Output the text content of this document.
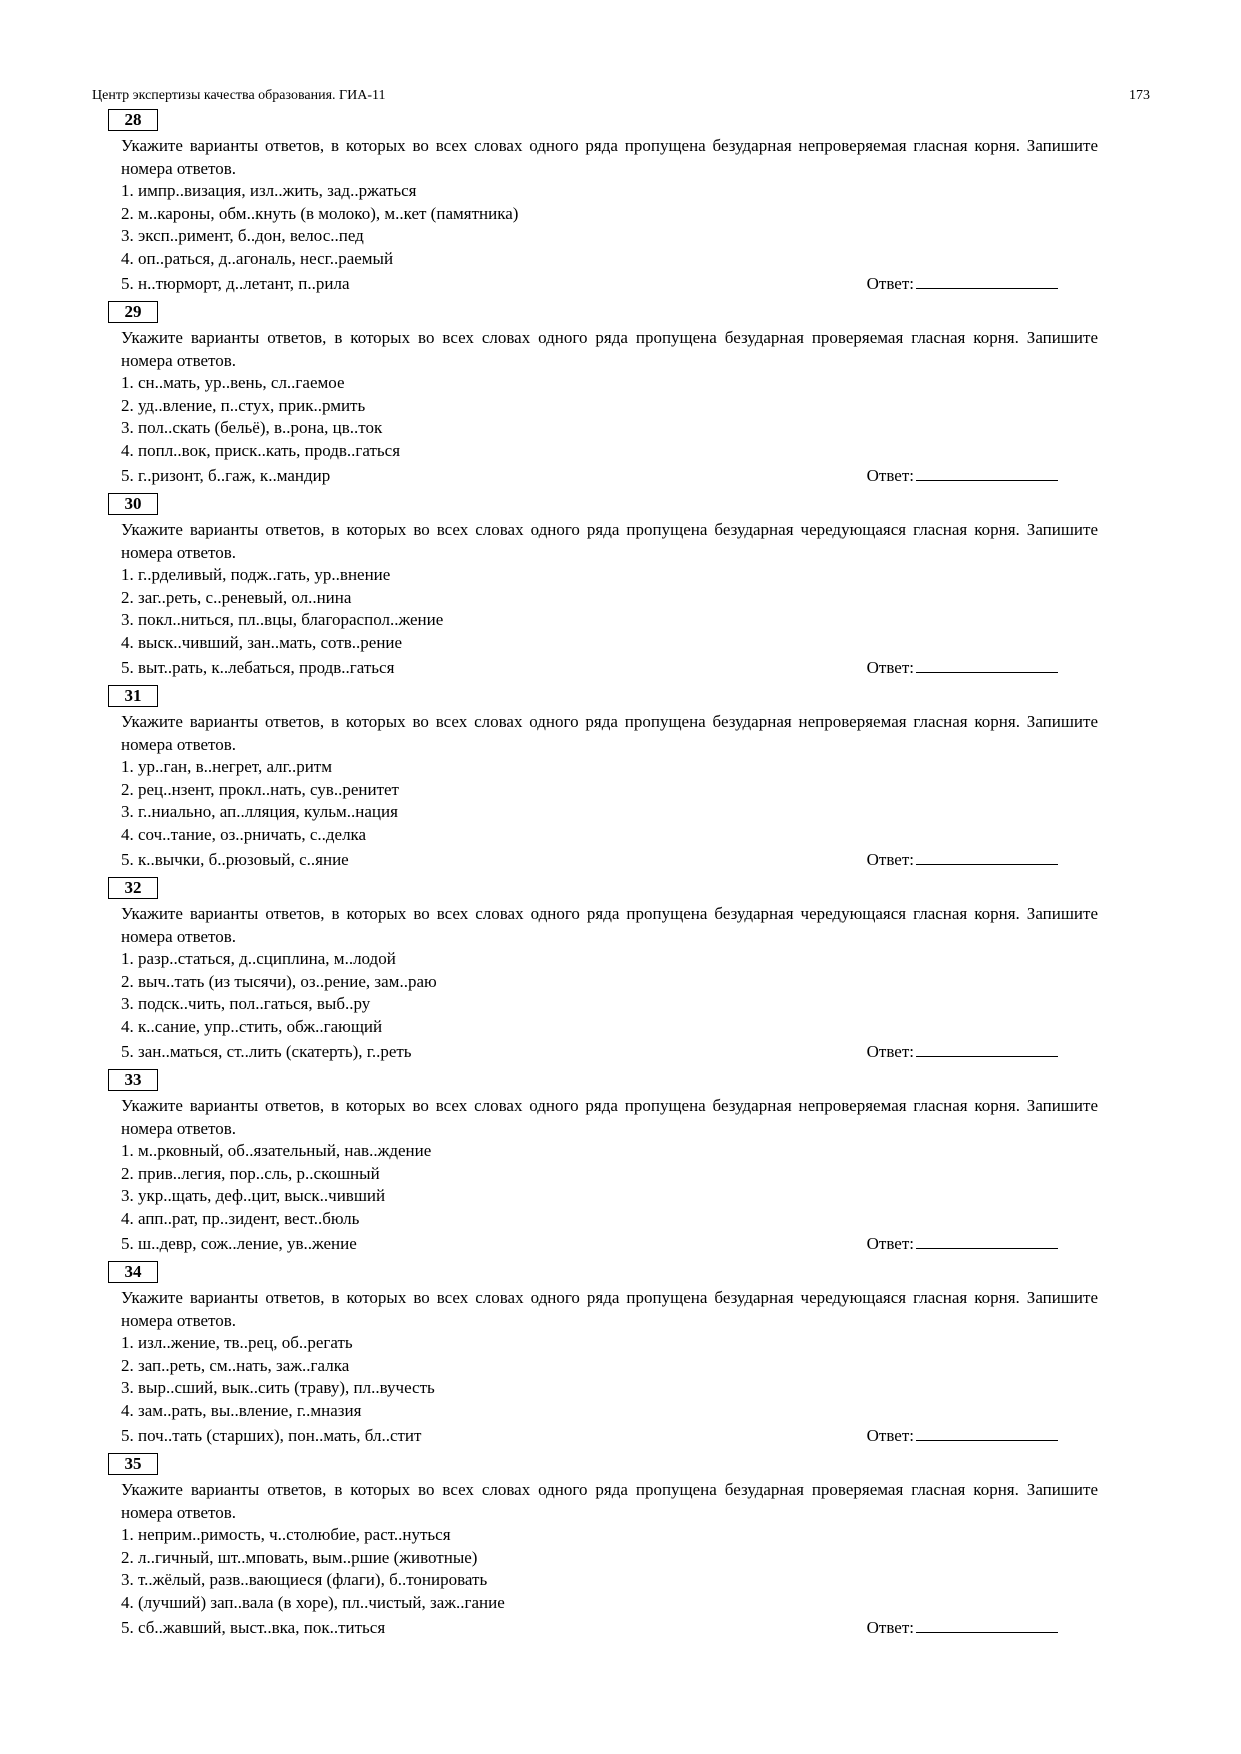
Центр экспертизы качества образования. ГИА-11	173
28

Укажите варианты ответов, в которых во всех словах одного ряда пропущена безударная непроверяемая гласная корня. Запишите номера ответов.

1. импр..визация, изл..жить, зад..ржаться
2. м..кароны, обм..кнуть (в молоко), м..кет (памятника)
3. эксп..римент, б..дон, велос..пед
4. оп..раться, д..агональ, несг..раемый
5. н..тюрморт, д..летант, п..рила	Ответ:
29

Укажите варианты ответов, в которых во всех словах одного ряда пропущена безударная проверяемая гласная корня. Запишите номера ответов.

1. сн..мать, ур..вень, сл..гаемое
2. уд..вление, п..стух, прик..рмить
3. пол..скать (бельё), в..рона, цв..ток
4. попл..вок, приск..кать, продв..гаться
5. г..ризонт, б..гаж, к..мандир	Ответ:
30

Укажите варианты ответов, в которых во всех словах одного ряда пропущена безударная чередующаяся гласная корня. Запишите номера ответов.

1. г..рделивый, подж..гать, ур..внение
2. заг..реть, с..реневый, ол..нина
3. покл..ниться, пл..вцы, благораспол..жение
4. выск..чивший, зан..мать, сотв..рение
5. выт..рать, к..лебаться, продв..гаться	Ответ:
31

Укажите варианты ответов, в которых во всех словах одного ряда пропущена безударная непроверяемая гласная корня. Запишите номера ответов.

1. ур..ган, в..негрет, алг..ритм
2. рец..нзент, прокл..нать, сув..ренитет
3. г..ниально, ап..лляция, кульм..нация
4. соч..тание, оз..рничать, с..делка
5. к..вычки, б..рюзовый, с..яние	Ответ:
32

Укажите варианты ответов, в которых во всех словах одного ряда пропущена безударная чередующаяся гласная корня. Запишите номера ответов.

1. разр..статься, д..сциплина, м..лодой
2. выч..тать (из тысячи), оз..рение, зам..раю
3. подск..чить, пол..гаться, выб..ру
4. к..сание, упр..стить, обж..гающий
5. зан..маться, ст..лить (скатерть), г..реть	Ответ:
33

Укажите варианты ответов, в которых во всех словах одного ряда пропущена безударная непроверяемая гласная корня. Запишите номера ответов.

1. м..рковный, об..язательный, нав..ждение
2. прив..легия, пор..сль, р..скошный
3. укр..щать, деф..цит, выск..чивший
4. апп..рат, пр..зидент, вест..бюль
5. ш..девр, сож..ление, ув..жение	Ответ:
34

Укажите варианты ответов, в которых во всех словах одного ряда пропущена безударная чередующаяся гласная корня. Запишите номера ответов.

1. изл..жение, тв..рец, об..регать
2. зап..реть, см..нать, заж..галка
3. выр..сший, вык..сить (траву), пл..вучесть
4. зам..рать, вы..вление, г..мназия
5. поч..тать (старших), пон..мать, бл..стит	Ответ:
35

Укажите варианты ответов, в которых во всех словах одного ряда пропущена безударная проверяемая гласная корня. Запишите номера ответов.

1. неприм..римость, ч..столюбие, раст..нуться
2. л..гичный, шт..мповать, вым..ршие (животные)
3. т..жёлый, разв..вающиеся (флаги), б..тонировать
4. (лучший) зап..вала (в хоре), пл..чистый, заж..гание
5. сб..жавший, выст..вка, пок..титься	Ответ:
